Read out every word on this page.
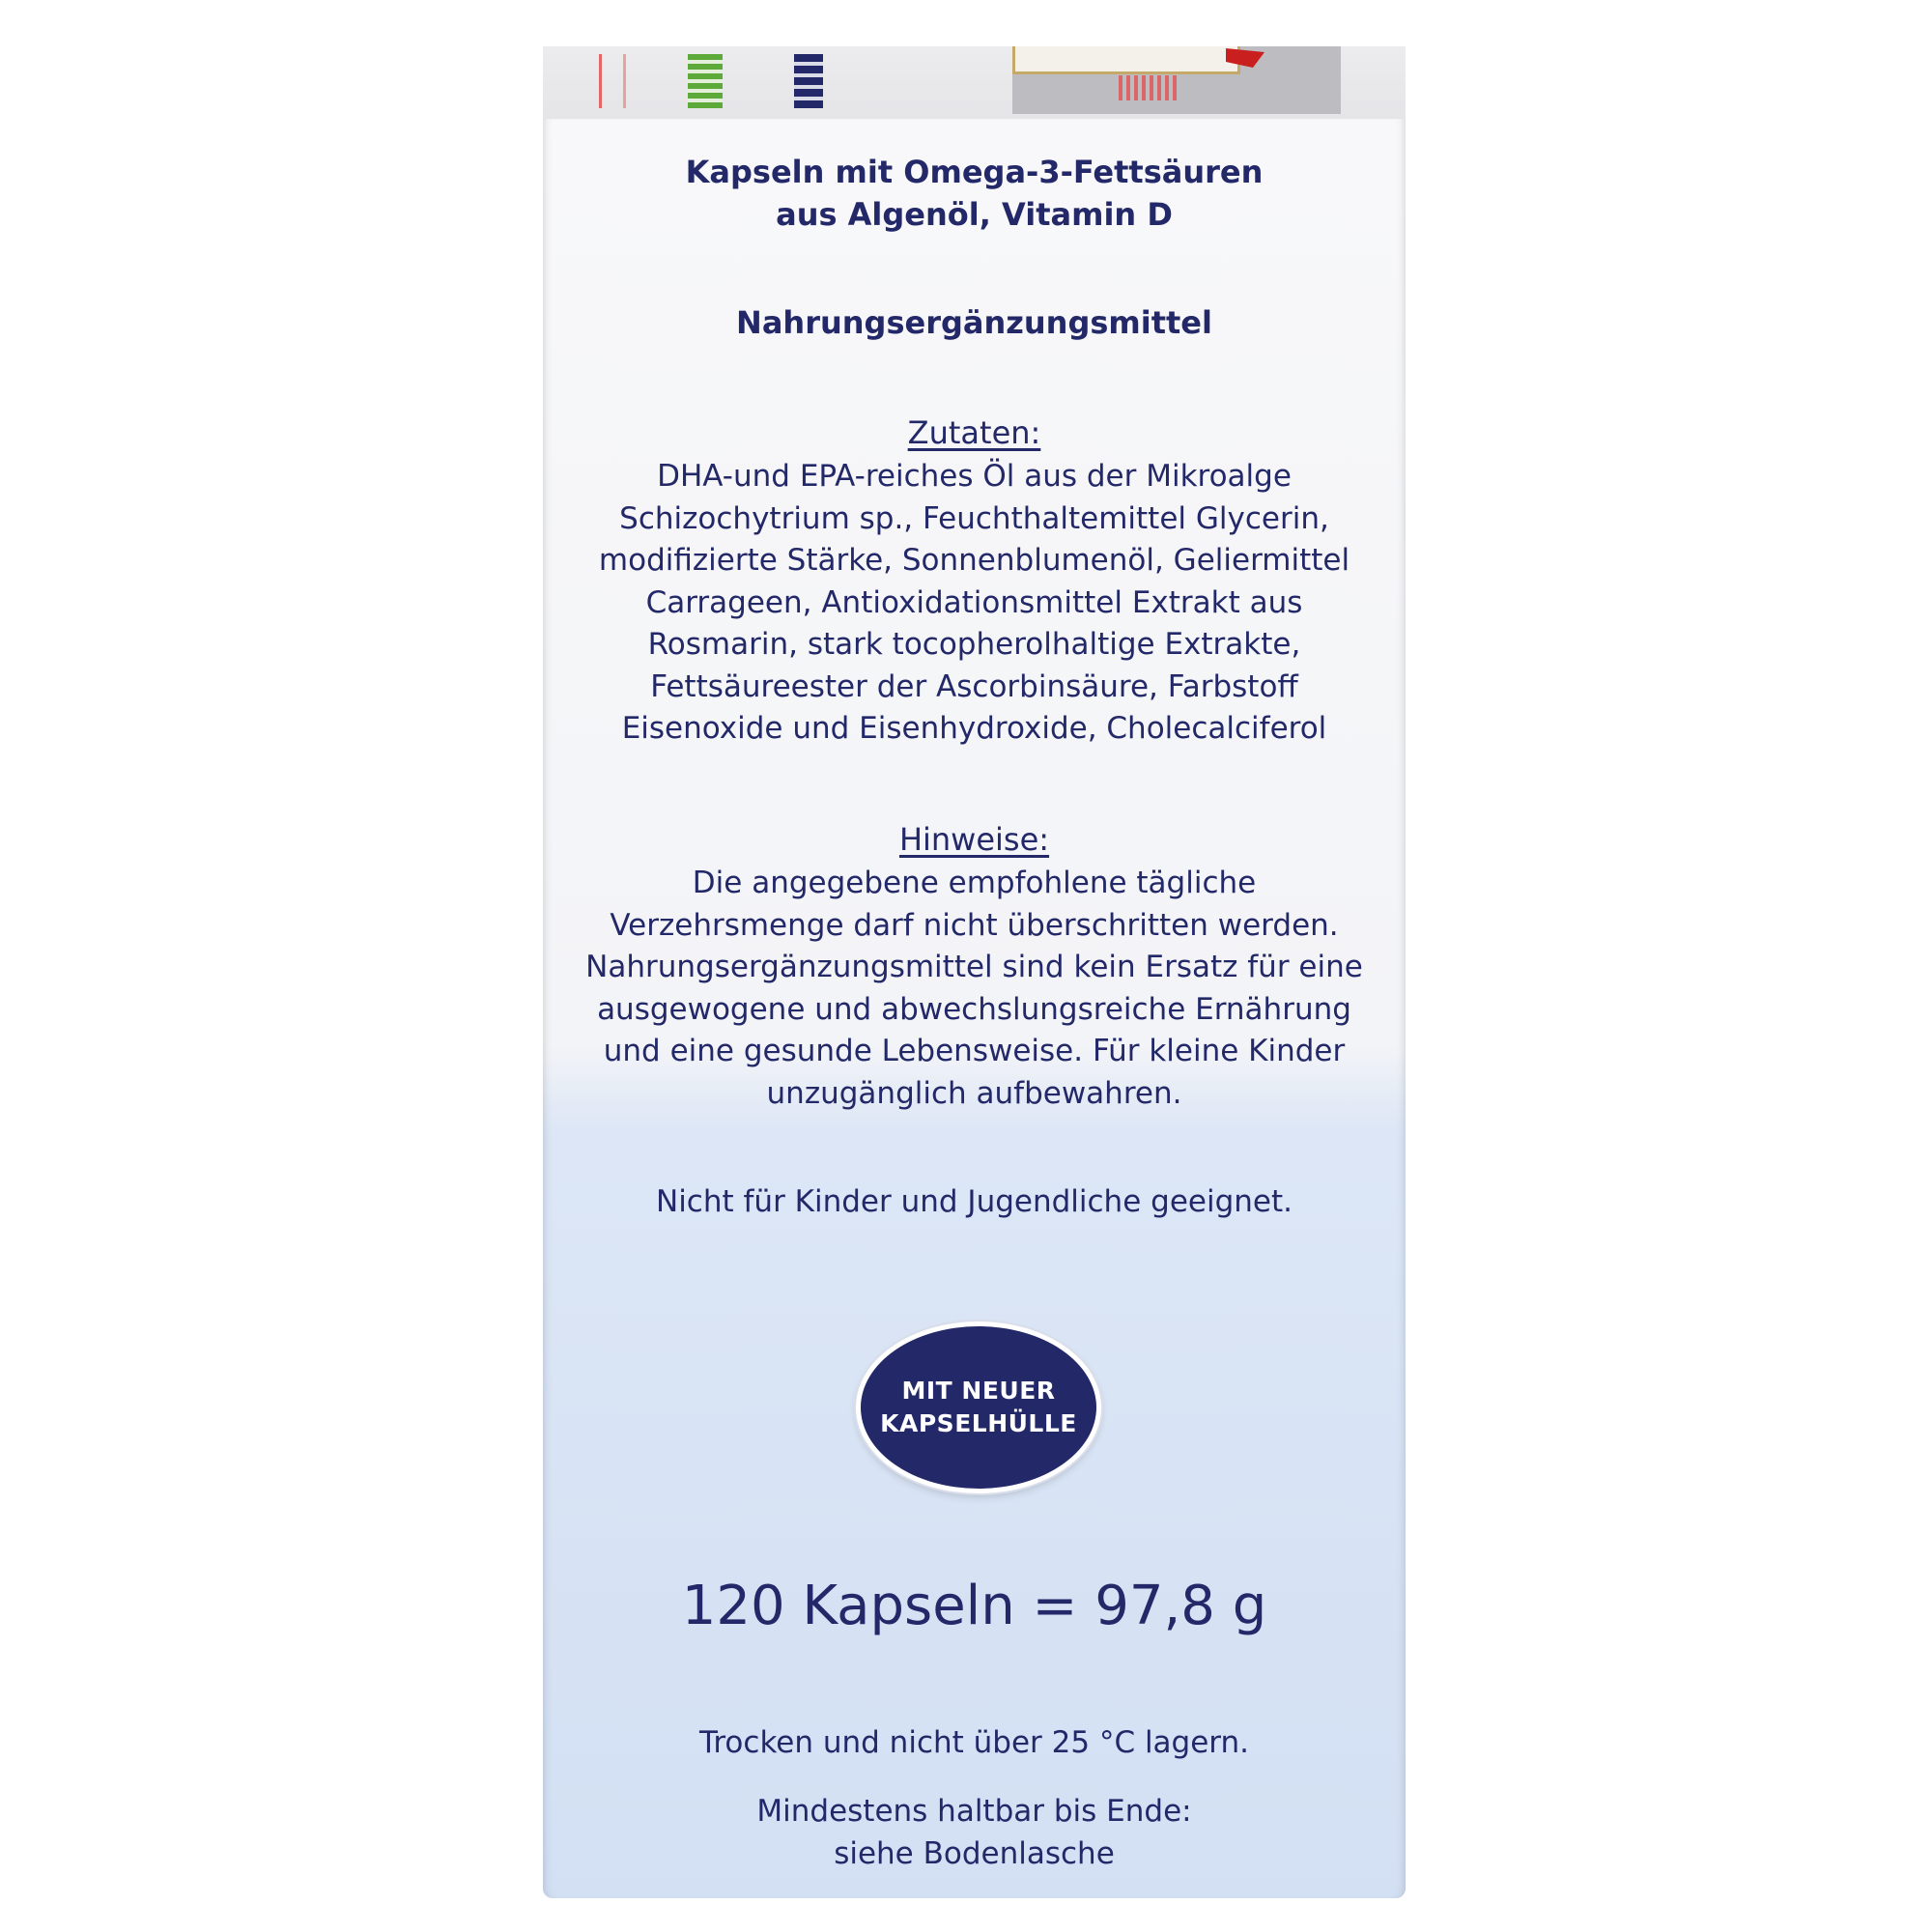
Kapseln mit Omega-3-Fettsäuren
aus Algenöl, Vitamin D
Nahrungsergänzungsmittel
Zutaten:
DHA-und EPA-reiches Öl aus der Mikroalge
Schizochytrium sp., Feuchthaltemittel Glycerin,
modifizierte Stärke, Sonnenblumenöl, Geliermittel
Carrageen, Antioxidationsmittel Extrakt aus
Rosmarin, stark tocopherolhaltige Extrakte,
Fettsäureester der Ascorbinsäure, Farbstoff
Eisenoxide und Eisenhydroxide, Cholecalciferol
Hinweise:
Die angegebene empfohlene tägliche
Verzehrsmenge darf nicht überschritten werden.
Nahrungsergänzungsmittel sind kein Ersatz für eine
ausgewogene und abwechslungsreiche Ernährung
und eine gesunde Lebensweise. Für kleine Kinder
unzugänglich aufbewahren.
Nicht für Kinder und Jugendliche geeignet.
MIT NEUER
KAPSELHÜLLE
120 Kapseln = 97,8 g
Trocken und nicht über 25 °C lagern.
Mindestens haltbar bis Ende:
siehe Bodenlasche
